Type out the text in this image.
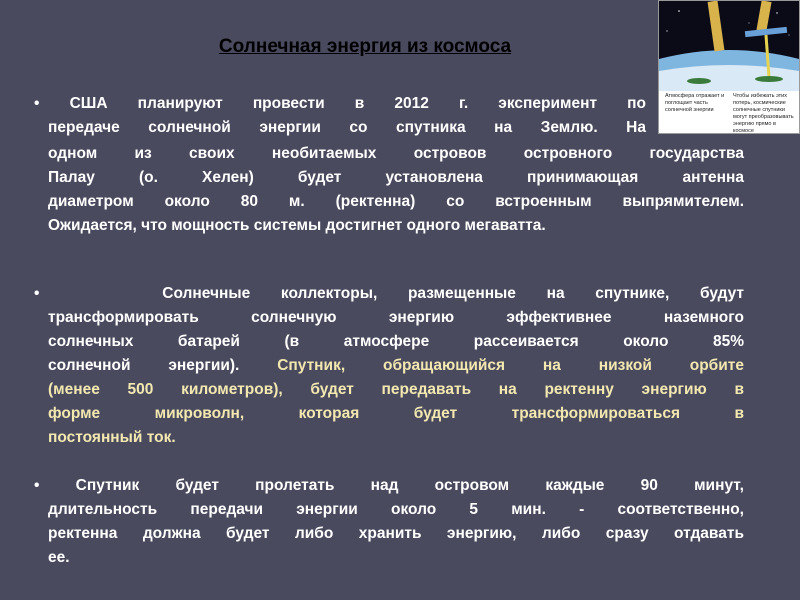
Солнечная энергия из космоса
• США планируют провести в 2012 г. эксперимент по
передаче солнечной энергии со спутника на Землю. На
одном из своих необитаемых островов островного государства
Палау (о. Хелен) будет установлена принимающая антенна
диаметром около 80 м. (ректенна) со встроенным выпрямителем.
Ожидается, что мощность системы достигнет одного мегаватта.
•	Солнечные коллекторы, размещенные на спутнике, будут
трансформировать солнечную энергию эффективнее наземного
солнечных батарей (в атмосфере рассеивается около 85%
солнечной энергии). Спутник, обращающийся на низкой орбите
(менее 500 километров), будет передавать на ректенну энергию в
форме микроволн, которая будет трансформироваться в
постоянный ток.
• Спутник будет пролетать над островом каждые 90 минут,
длительность передачи энергии около 5 мин. - соответственно,
ректенна должна будет либо хранить энергию, либо сразу отдавать
ее.
Атмосфера отражает и поглощает часть солнечной энергии
Чтобы избежать этих потерь, космические солнечные спутники могут преобразовывать энергию прямо в космосе
